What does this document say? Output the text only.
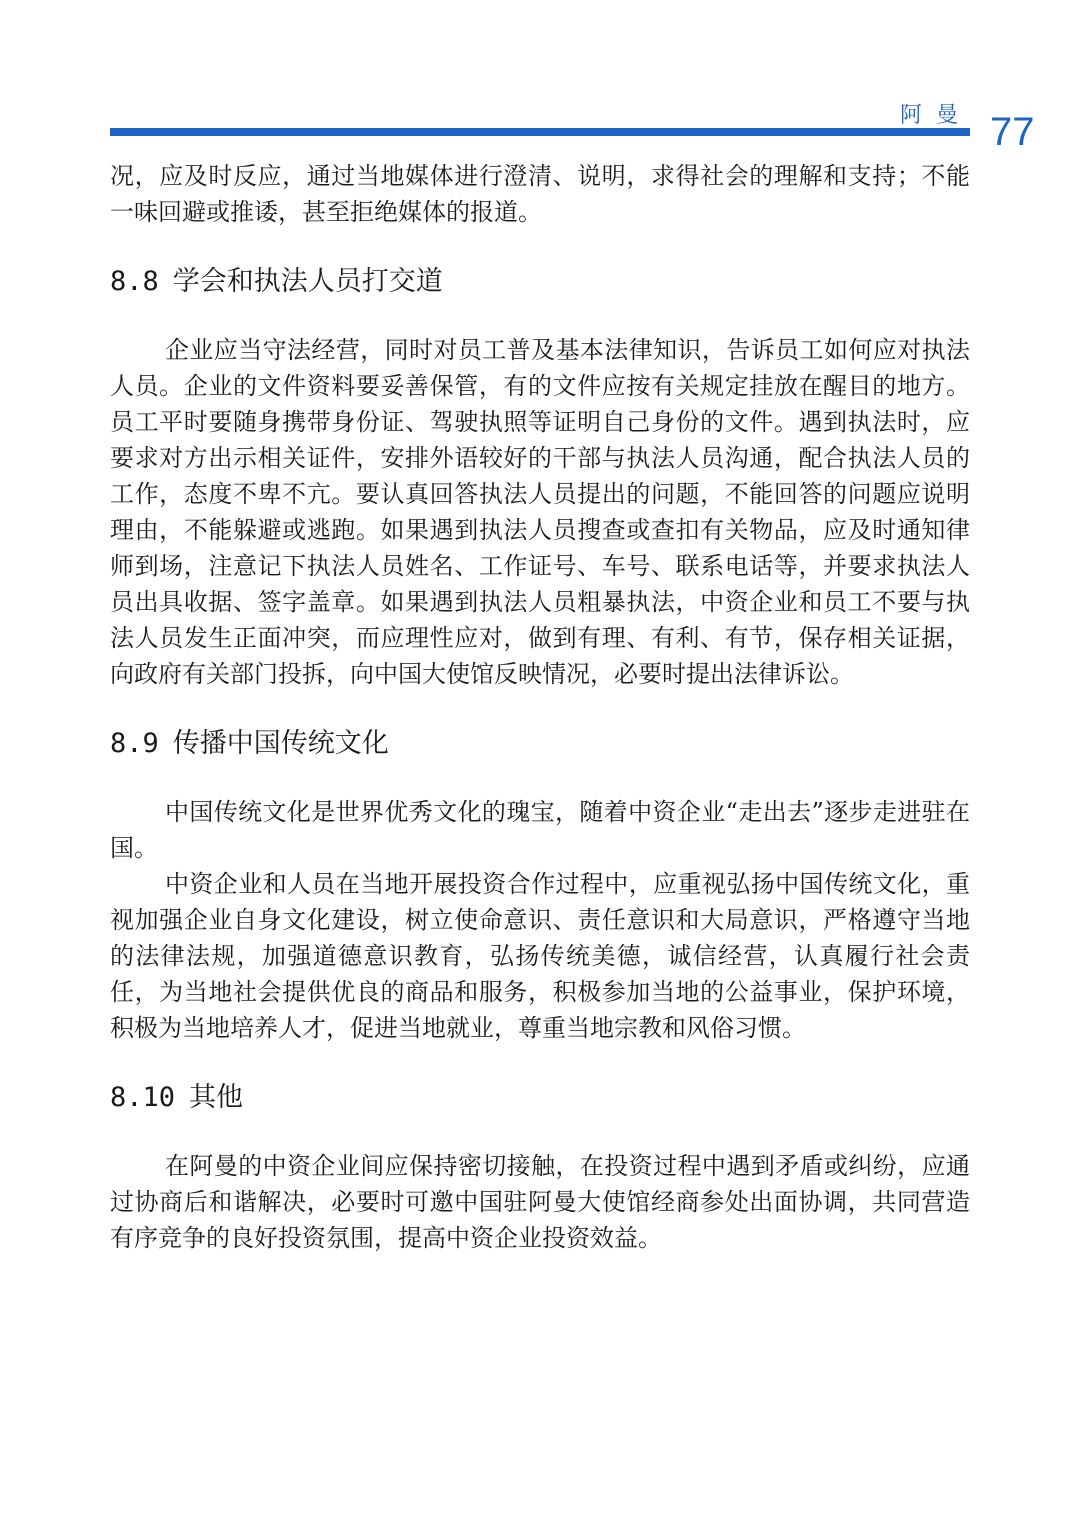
阿曼 77

况，应及时反应，通过当地媒体进行澄清、说明，求得社会的理解和支持；不能一味回避或推诿，甚至拒绝媒体的报道。

8.8 学会和执法人员打交道

企业应当守法经营，同时对员工普及基本法律知识，告诉员工如何应对执法人员。企业的文件资料要妥善保管，有的文件应按有关规定挂放在醒目的地方。员工平时要随身携带身份证、驾驶执照等证明自己身份的文件。遇到执法时，应要求对方出示相关证件，安排外语较好的干部与执法人员沟通，配合执法人员的工作，态度不卑不亢。要认真回答执法人员提出的问题，不能回答的问题应说明理由，不能躲避或逃跑。如果遇到执法人员搜查或查扣有关物品，应及时通知律师到场，注意记下执法人员姓名、工作证号、车号、联系电话等，并要求执法人员出具收据、签字盖章。如果遇到执法人员粗暴执法，中资企业和员工不要与执法人员发生正面冲突，而应理性应对，做到有理、有利、有节，保存相关证据，向政府有关部门投拆，向中国大使馆反映情况，必要时提出法律诉讼。

8.9 传播中国传统文化

中国传统文化是世界优秀文化的瑰宝，随着中资企业“走出去”逐步走进驻在国。

中资企业和人员在当地开展投资合作过程中，应重视弘扬中国传统文化，重视加强企业自身文化建设，树立使命意识、责任意识和大局意识，严格遵守当地的法律法规，加强道德意识教育，弘扬传统美德，诚信经营，认真履行社会责任，为当地社会提供优良的商品和服务，积极参加当地的公益事业，保护环境，积极为当地培养人才，促进当地就业，尊重当地宗教和风俗习惯。

8.10 其他

在阿曼的中资企业间应保持密切接触，在投资过程中遇到矛盾或纠纷，应通过协商后和谐解决，必要时可邀中国驻阿曼大使馆经商参处出面协调，共同营造有序竞争的良好投资氛围，提高中资企业投资效益。
